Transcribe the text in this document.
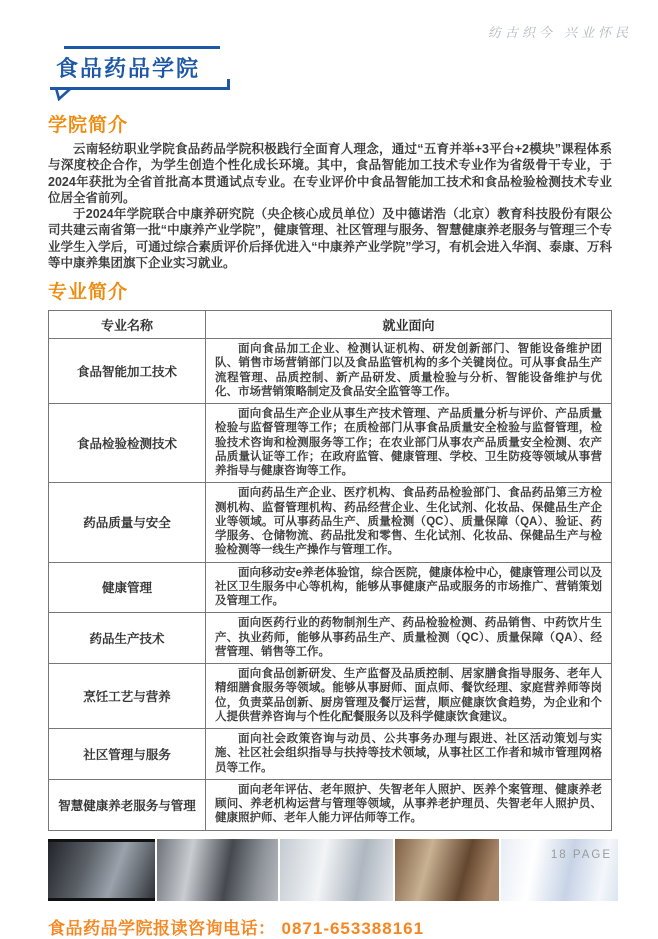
纺古织今 兴业怀民
食品药品学院
学院简介

云南轻纺职业学院食品药品学院积极践行全面育人理念，通过“五育并举+3平台+2模块”课程体系与深度校企合作，为学生创造个性化成长环境。其中，食品智能加工技术专业作为省级骨干专业，于2024年获批为全省首批高本贯通试点专业。在专业评价中食品智能加工技术和食品检验检测技术专业位居全省前列。

于2024年学院联合中康养研究院（央企核心成员单位）及中德诺浩（北京）教育科技股份有限公司共建云南省第一批“中康养产业学院”，健康管理、社区管理与服务、智慧健康养老服务与管理三个专业学生入学后，可通过综合素质评价后择优进入“中康养产业学院”学习，有机会进入华润、泰康、万科等中康养集团旗下企业实习就业。

专业简介
专业名称	就业面向
食品智能加工技术	面向食品加工企业、检测认证机构、研发创新部门、智能设备维护团队、销售市场营销部门以及食品监管机构的多个关键岗位。可从事食品生产流程管理、品质控制、新产品研发、质量检验与分析、智能设备维护与优化、市场营销策略制定及食品安全监管等工作。
食品检验检测技术	面向食品生产企业从事生产技术管理、产品质量分析与评价、产品质量检验与监督管理等工作；在质检部门从事食品质量安全检验与监督管理，检验技术咨询和检测服务等工作；在农业部门从事农产品质量安全检测、农产品质量认证等工作；在政府监管、健康管理、学校、卫生防疫等领域从事营养指导与健康咨询等工作。
药品质量与安全	面向药品生产企业、医疗机构、食品药品检验部门、食品药品第三方检测机构、监督管理机构、药品经营企业、生化试剂、化妆品、保健品生产企业等领域。可从事药品生产、质量检测（QC）、质量保障（QA）、验证、药学服务、仓储物流、药品批发和零售、生化试剂、化妆品、保健品生产与检验检测等一线生产操作与管理工作。
健康管理	面向移动安e养老体验馆，综合医院，健康体检中心，健康管理公司以及社区卫生服务中心等机构，能够从事健康产品或服务的市场推广、营销策划及管理工作。
药品生产技术	面向医药行业的药物制剂生产、药品检验检测、药品销售、中药饮片生产、执业药师，能够从事药品生产、质量检测（QC）、质量保障（QA）、经营管理、销售等工作。
烹饪工艺与营养	面向食品创新研发、生产监督及品质控制、居家膳食指导服务、老年人精细膳食服务等领域。能够从事厨师、面点师、餐饮经理、家庭营养师等岗位，负责菜品创新、厨房管理及餐厅运营，顺应健康饮食趋势，为企业和个人提供营养咨询与个性化配餐服务以及科学健康饮食建议。
社区管理与服务	面向社会政策咨询与动员、公共事务办理与跟进、社区活动策划与实施、社区社会组织指导与扶持等技术领域，从事社区工作者和城市管理网格员等工作。
智慧健康养老服务与管理	面向老年评估、老年照护、失智老年人照护、医养个案管理、健康养老顾问、养老机构运营与管理等领域，从事养老护理员、失智老年人照护员、健康照护师、老年人能力评估师等工作。
食品药品学院报读咨询电话： 0871-653388161
18 PAGE
